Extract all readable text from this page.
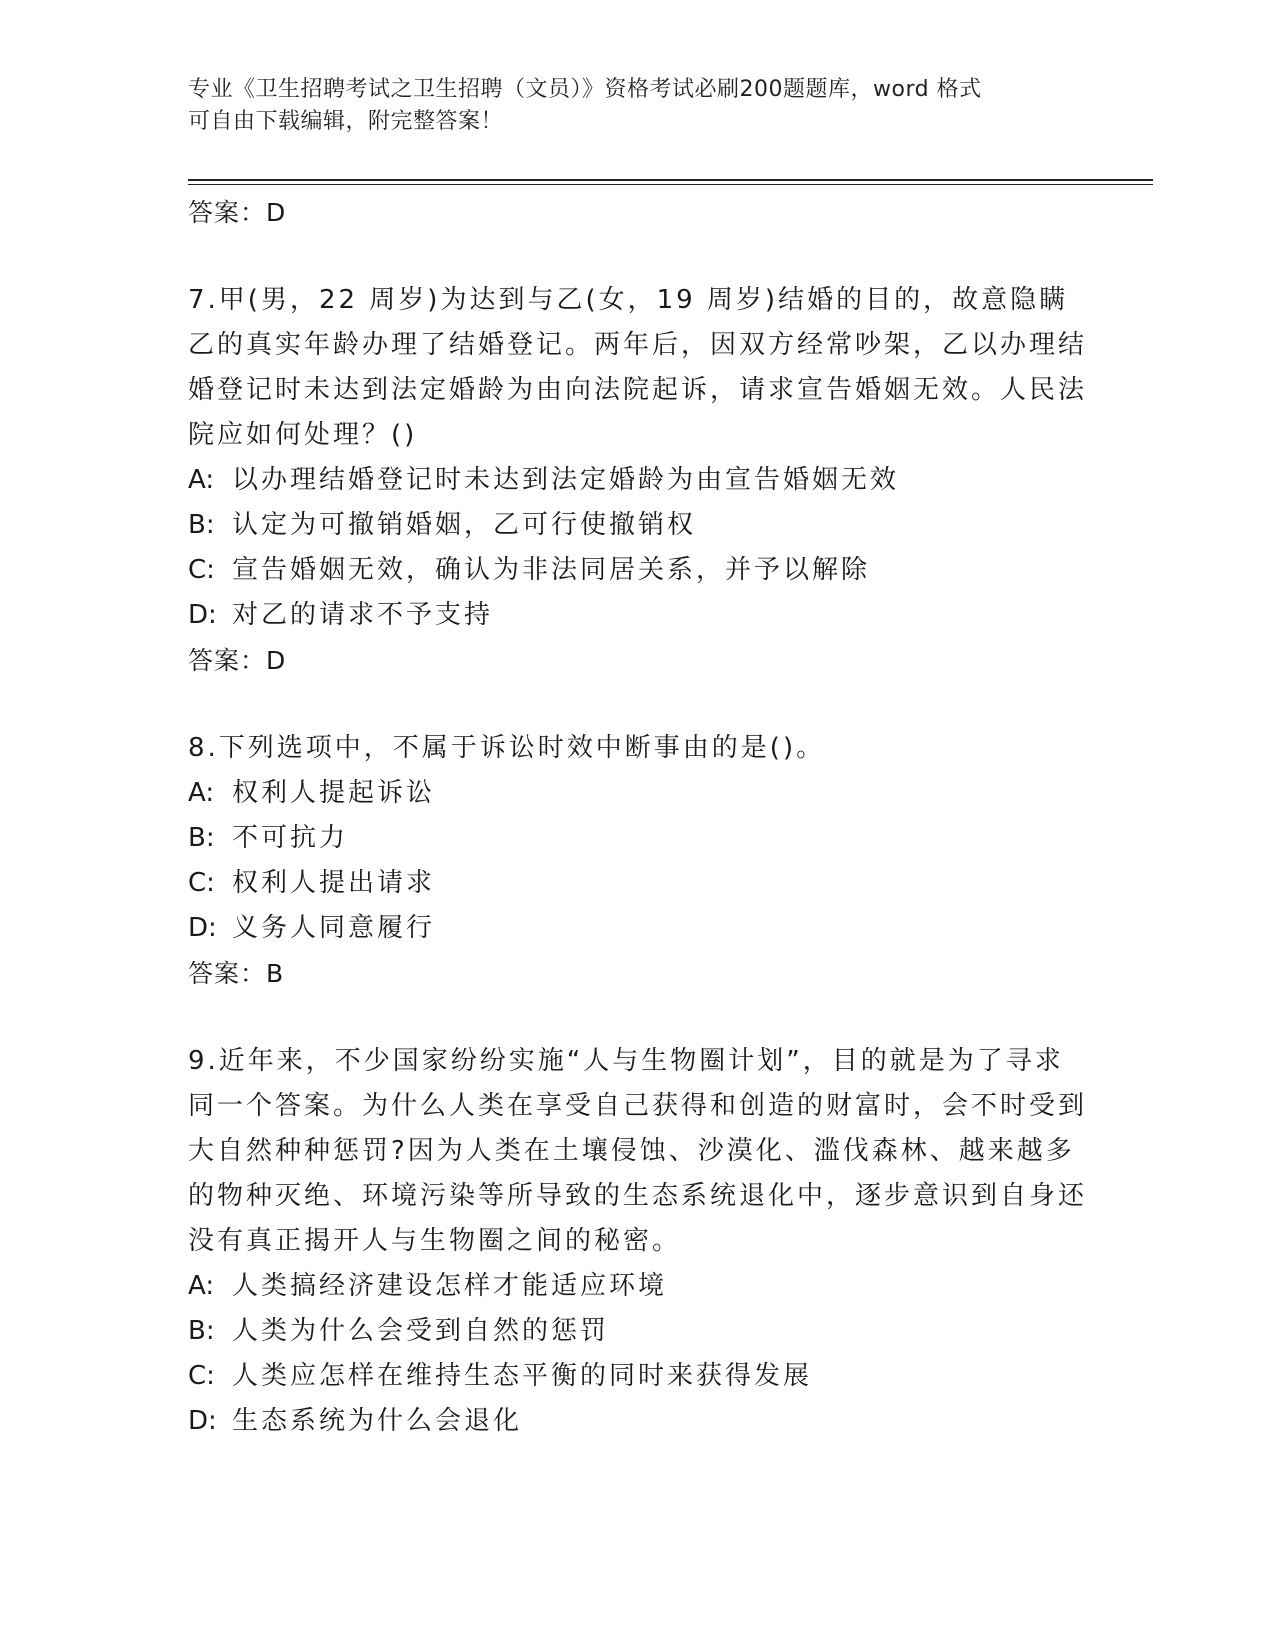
专业《卫生招聘考试之卫生招聘（文员）》资格考试必刷200题题库，word 格式
可自由下载编辑，附完整答案！
答案：D
7.甲(男，22 周岁)为达到与乙(女，19 周岁)结婚的目的，故意隐瞒乙的真实年龄办理了结婚登记。两年后，因双方经常吵架，乙以办理结婚登记时未达到法定婚龄为由向法院起诉，请求宣告婚姻无效。人民法院应如何处理？()
A: 以办理结婚登记时未达到法定婚龄为由宣告婚姻无效
B: 认定为可撤销婚姻，乙可行使撤销权
C: 宣告婚姻无效，确认为非法同居关系，并予以解除
D: 对乙的请求不予支持
答案：D
8.下列选项中，不属于诉讼时效中断事由的是()。
A: 权利人提起诉讼
B: 不可抗力
C: 权利人提出请求
D: 义务人同意履行
答案：B
9.近年来，不少国家纷纷实施“人与生物圈计划”，目的就是为了寻求同一个答案。为什么人类在享受自己获得和创造的财富时，会不时受到大自然种种惩罚?因为人类在土壤侵蚀、沙漠化、滥伐森林、越来越多的物种灭绝、环境污染等所导致的生态系统退化中，逐步意识到自身还没有真正揭开人与生物圈之间的秘密。
A: 人类搞经济建设怎样才能适应环境
B: 人类为什么会受到自然的惩罚
C: 人类应怎样在维持生态平衡的同时来获得发展
D: 生态系统为什么会退化
